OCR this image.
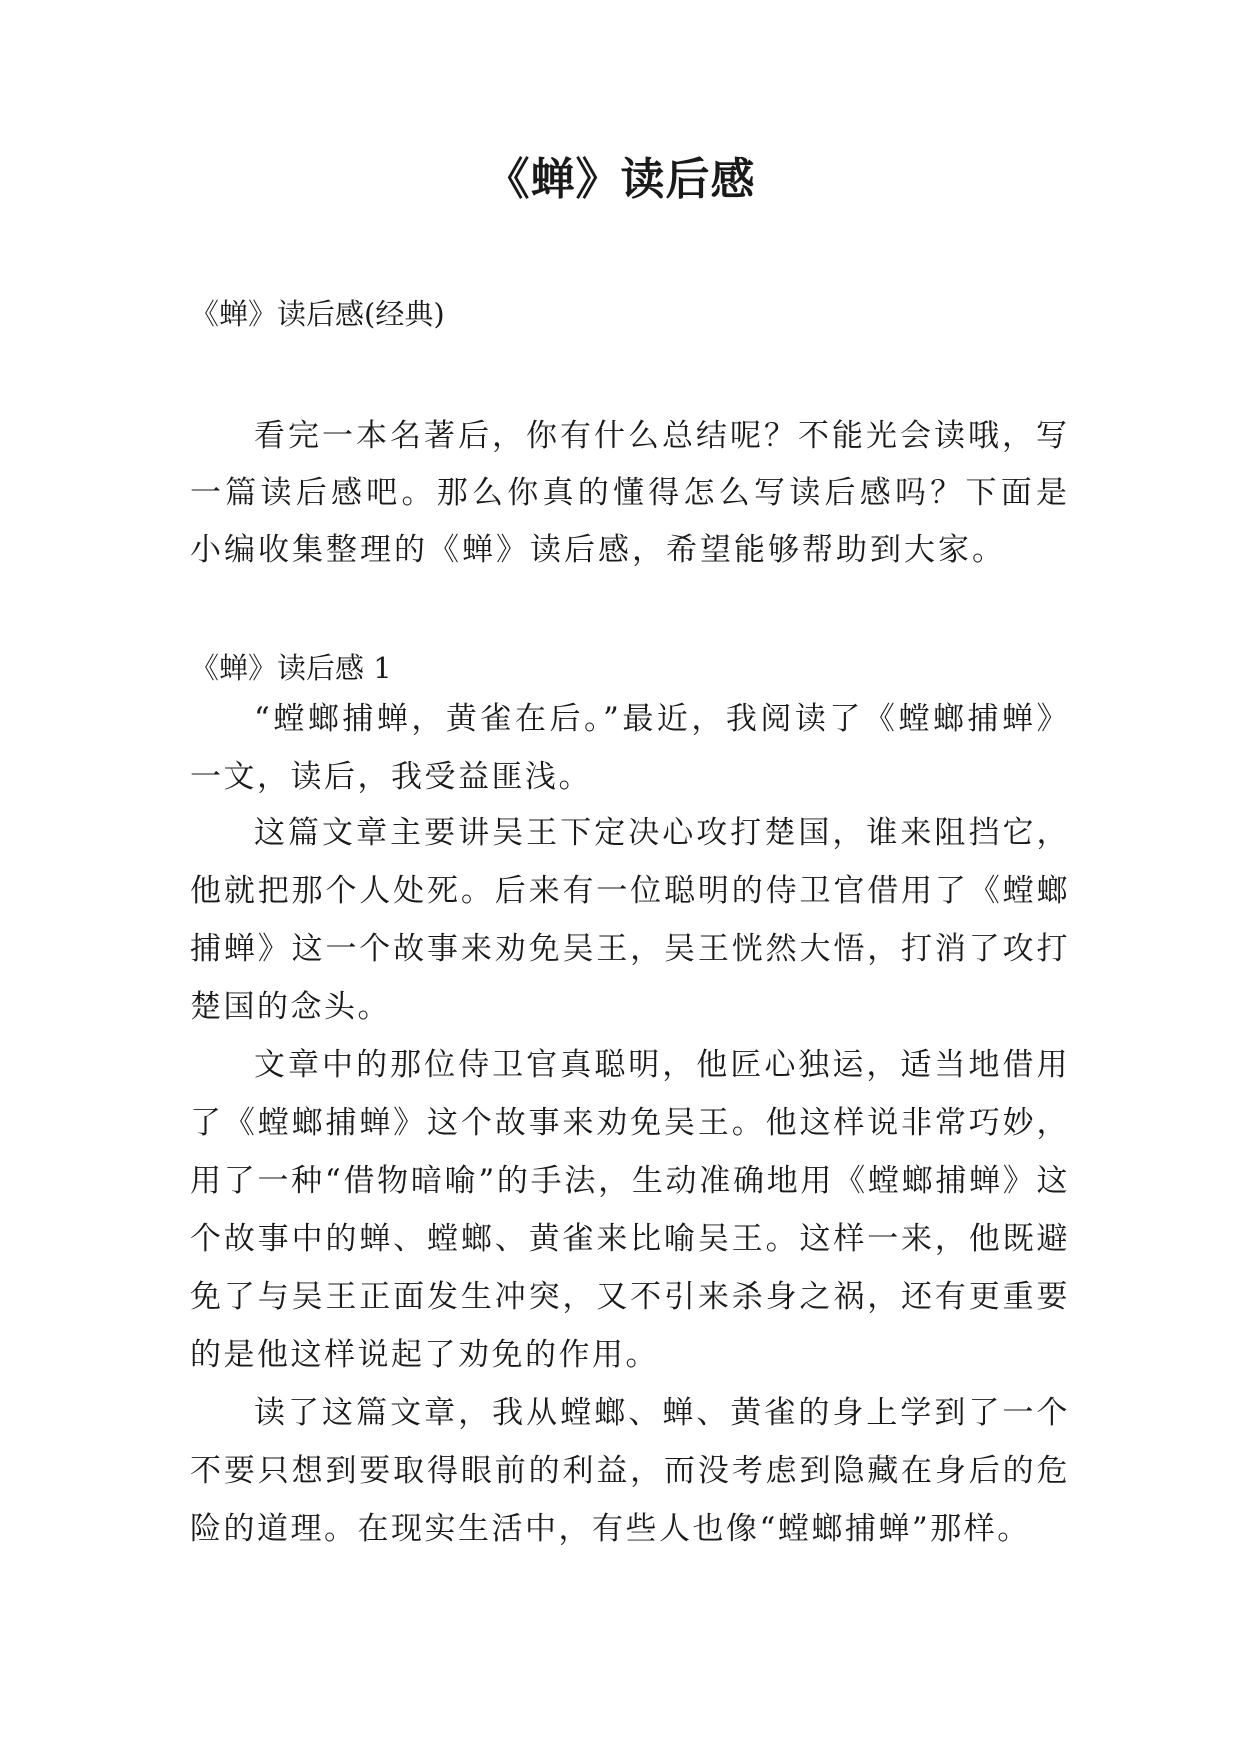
《蝉》读后感

《蝉》读后感(经典)

看完一本名著后，你有什么总结呢？不能光会读哦，写一篇读后感吧。那么你真的懂得怎么写读后感吗？下面是小编收集整理的《蝉》读后感，希望能够帮助到大家。

《蝉》读后感 1

“螳螂捕蝉，黄雀在后。”最近，我阅读了《螳螂捕蝉》一文，读后，我受益匪浅。

这篇文章主要讲吴王下定决心攻打楚国，谁来阻挡它，他就把那个人处死。后来有一位聪明的侍卫官借用了《螳螂捕蝉》这一个故事来劝免吴王，吴王恍然大悟，打消了攻打楚国的念头。

文章中的那位侍卫官真聪明，他匠心独运，适当地借用了《螳螂捕蝉》这个故事来劝免吴王。他这样说非常巧妙，用了一种“借物暗喻”的手法，生动准确地用《螳螂捕蝉》这个故事中的蝉、螳螂、黄雀来比喻吴王。这样一来，他既避免了与吴王正面发生冲突，又不引来杀身之祸，还有更重要的是他这样说起了劝免的作用。

读了这篇文章，我从螳螂、蝉、黄雀的身上学到了一个不要只想到要取得眼前的利益，而没考虑到隐藏在身后的危险的道理。在现实生活中，有些人也像“螳螂捕蝉”那样。
